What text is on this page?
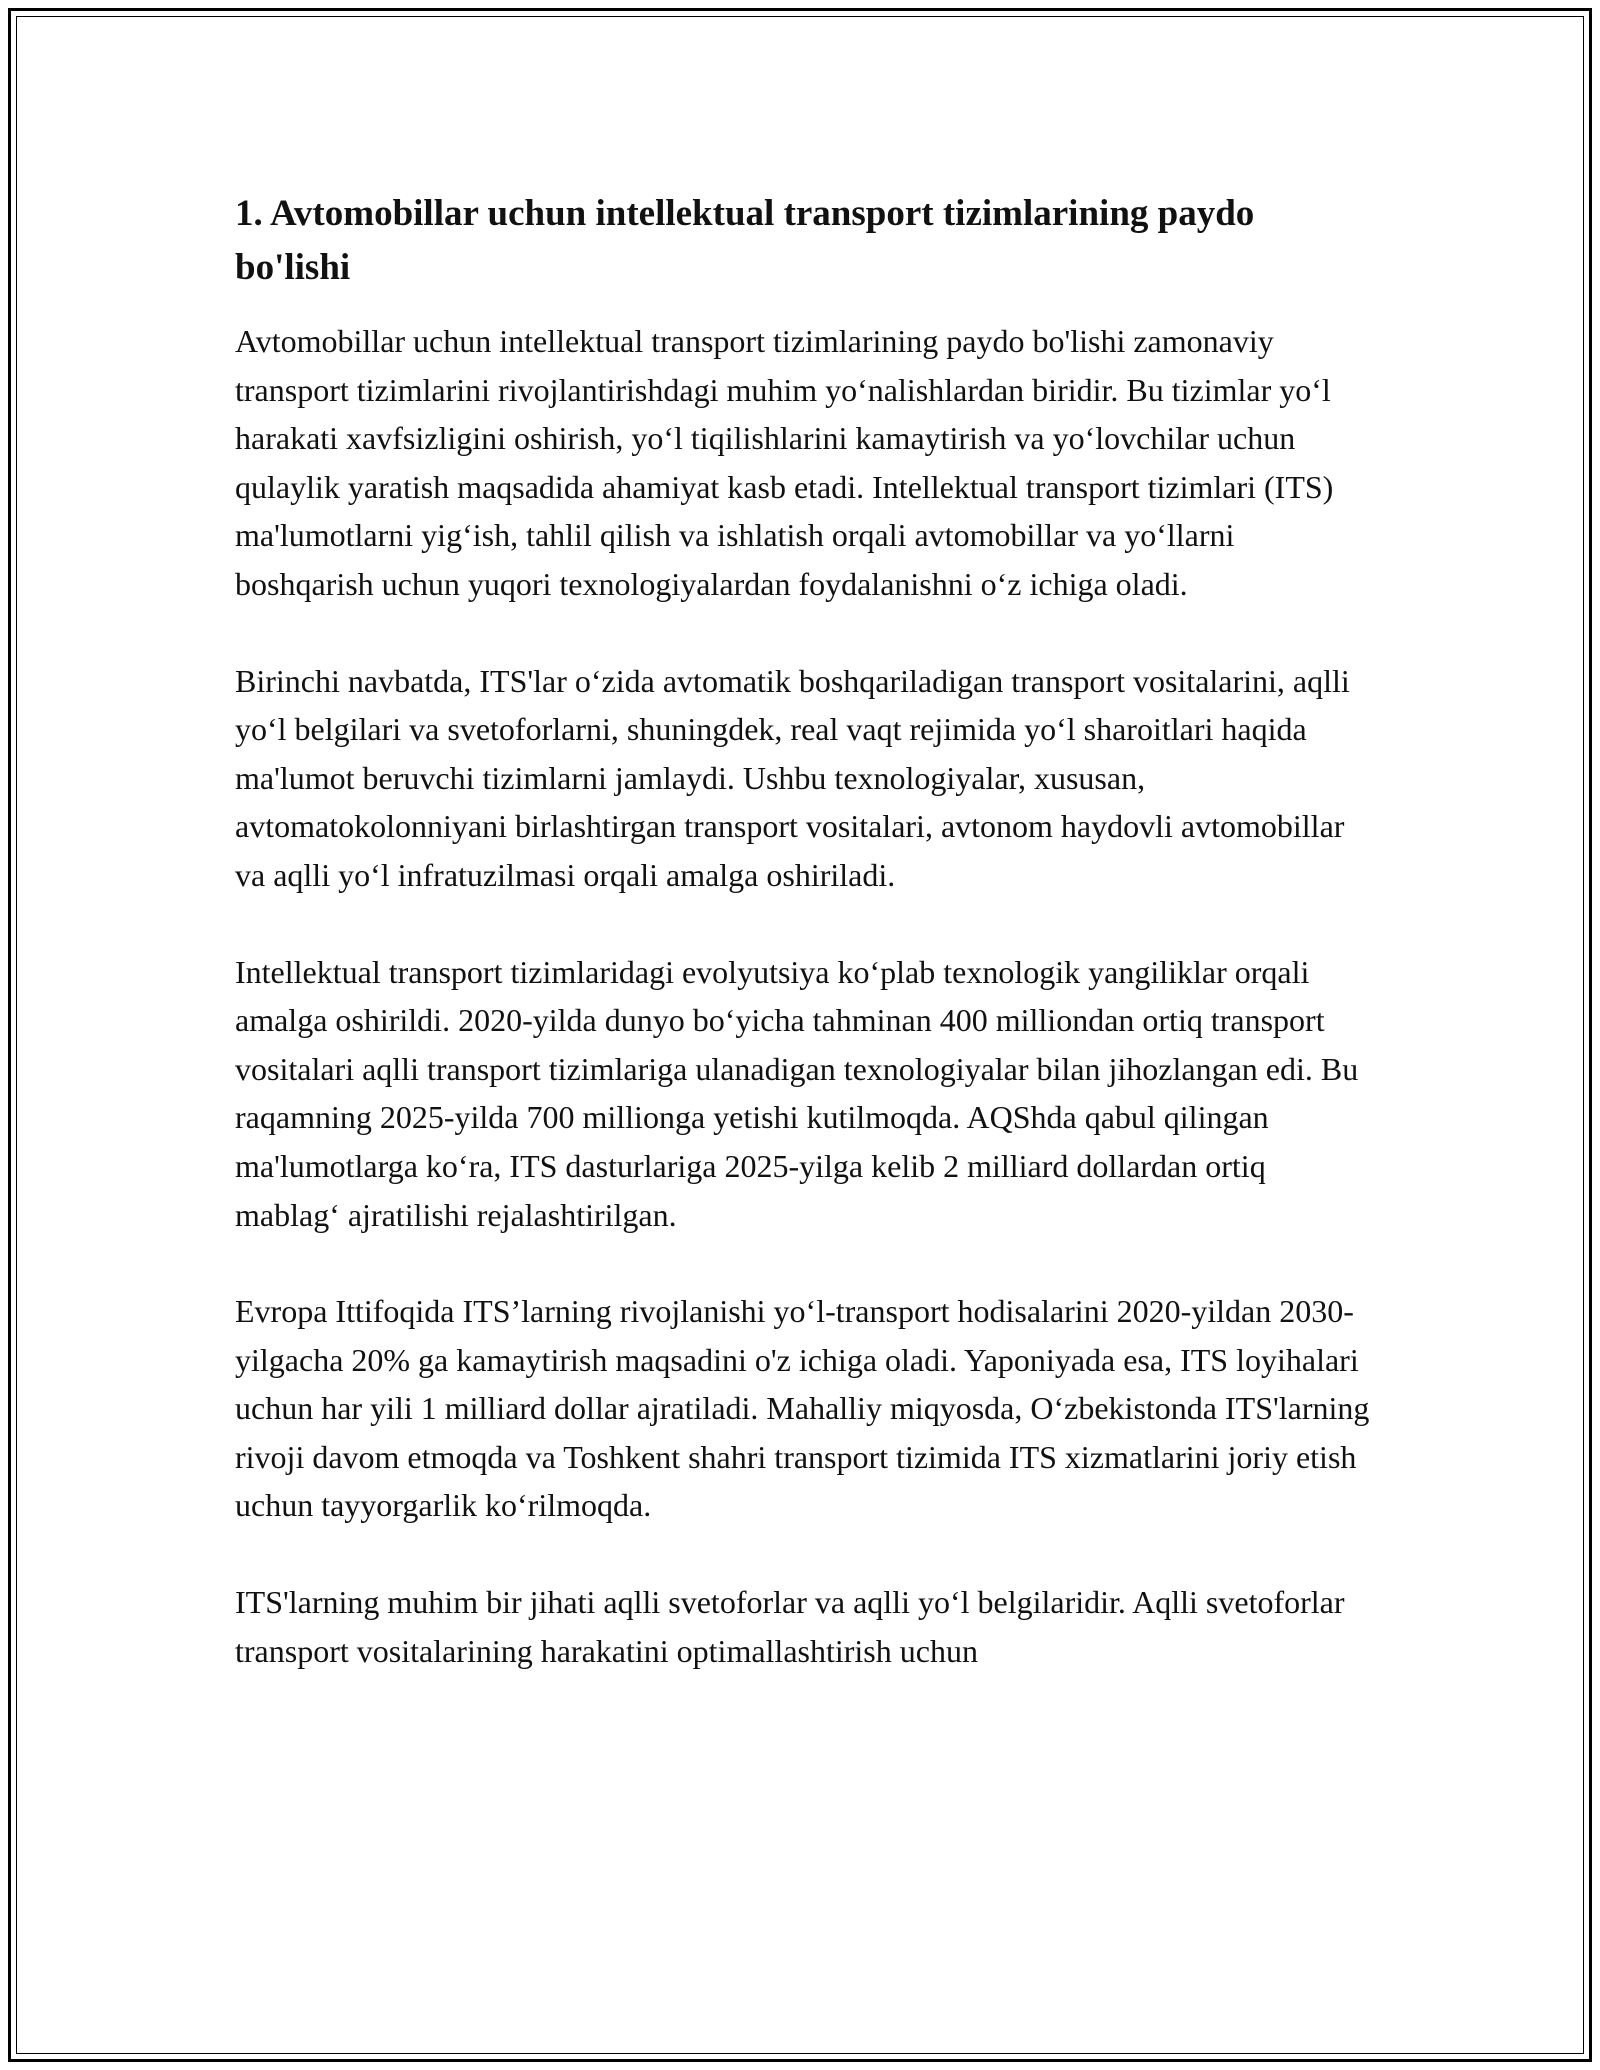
1. Avtomobillar uchun intellektual transport tizimlarining paydo bo'lishi

Avtomobillar uchun intellektual transport tizimlarining paydo bo'lishi zamonaviy transport tizimlarini rivojlantirishdagi muhim yo‘nalishlardan biridir. Bu tizimlar yo‘l harakati xavfsizligini oshirish, yo‘l tiqilishlarini kamaytirish va yo‘lovchilar uchun qulaylik yaratish maqsadida ahamiyat kasb etadi. Intellektual transport tizimlari (ITS) ma'lumotlarni yig‘ish, tahlil qilish va ishlatish orqali avtomobillar va yo‘llarni boshqarish uchun yuqori texnologiyalardan foydalanishni o‘z ichiga oladi.

Birinchi navbatda, ITS'lar o‘zida avtomatik boshqariladigan transport vositalarini, aqlli yo‘l belgilari va svetoforlarni, shuningdek, real vaqt rejimida yo‘l sharoitlari haqida ma'lumot beruvchi tizimlarni jamlaydi. Ushbu texnologiyalar, xususan, avtomatokolonniyani birlashtirgan transport vositalari, avtonom haydovli avtomobillar va aqlli yo‘l infratuzilmasi orqali amalga oshiriladi.

Intellektual transport tizimlaridagi evolyutsiya ko‘plab texnologik yangiliklar orqali amalga oshirildi. 2020-yilda dunyo bo‘yicha tahminan 400 milliondan ortiq transport vositalari aqlli transport tizimlariga ulanadigan texnologiyalar bilan jihozlangan edi. Bu raqamning 2025-yilda 700 millionga yetishi kutilmoqda. AQShda qabul qilingan ma'lumotlarga ko‘ra, ITS dasturlariga 2025-yilga kelib 2 milliard dollardan ortiq mablag‘ ajratilishi rejalashtirilgan.

Evropa Ittifoqida ITS’larning rivojlanishi yo‘l-transport hodisalarini 2020-yildan 2030-yilgacha 20% ga kamaytirish maqsadini o'z ichiga oladi. Yaponiyada esa, ITS loyihalari uchun har yili 1 milliard dollar ajratiladi. Mahalliy miqyosda, O‘zbekistonda ITS'larning rivoji davom etmoqda va Toshkent shahri transport tizimida ITS xizmatlarini joriy etish uchun tayyorgarlik ko‘rilmoqda.

ITS'larning muhim bir jihati aqlli svetoforlar va aqlli yo‘l belgilaridir. Aqlli svetoforlar transport vositalarining harakatini optimallashtirish uchun
